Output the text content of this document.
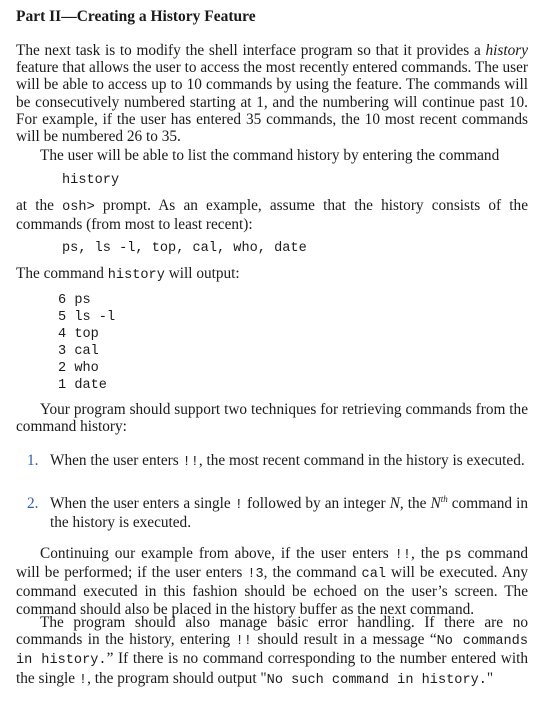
Part II—Creating a History Feature
The next task is to modify the shell interface program so that it provides a history feature that allows the user to access the most recently entered commands. The user will be able to access up to 10 commands by using the feature. The commands will be consecutively numbered starting at 1, and the numbering will continue past 10. For example, if the user has entered 35 commands, the 10 most recent commands will be numbered 26 to 35.
The user will be able to list the command history by entering the command
history
at the osh> prompt. As an example, assume that the history consists of the commands (from most to least recent):
ps, ls -l, top, cal, who, date
The command history will output:
6 ps
5 ls -l
4 top
3 cal
2 who
1 date
Your program should support two techniques for retrieving commands from the command history:
1. When the user enters !!, the most recent command in the history is executed.
2. When the user enters a single ! followed by an integer N, the $N^{th}$ command in the history is executed.
Continuing our example from above, if the user enters !!, the ps command will be performed; if the user enters !3, the command cal will be executed. Any command executed in this fashion should be echoed on the user’s screen. The command should also be placed in the history buffer as the next command.
The program should also manage basic error handling. If there are no commands in the history, entering !! should result in a message “No commands in history.” If there is no command corresponding to the number entered with the single !, the program should output "No such command in history."
